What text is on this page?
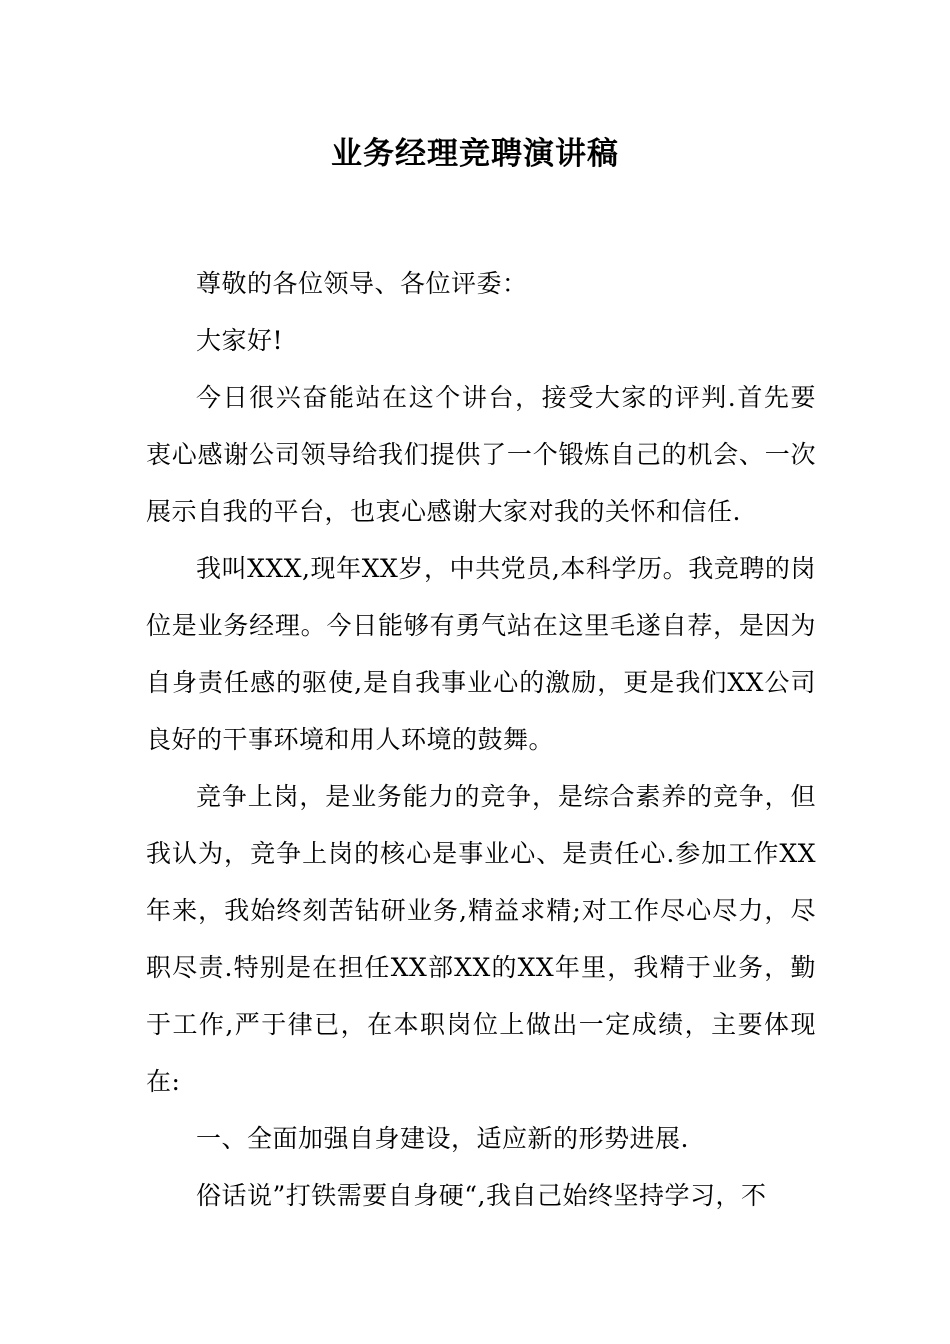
业务经理竞聘演讲稿

尊敬的各位领导、各位评委：

大家好!

今日很兴奋能站在这个讲台，接受大家的评判.首先要衷心感谢公司领导给我们提供了一个锻炼自己的机会、一次展示自我的平台，也衷心感谢大家对我的关怀和信任.

我叫XXX,现年XX岁，中共党员,本科学历。我竞聘的岗位是业务经理。今日能够有勇气站在这里毛遂自荐，是因为自身责任感的驱使,是自我事业心的激励，更是我们XX公司良好的干事环境和用人环境的鼓舞。

竞争上岗，是业务能力的竞争，是综合素养的竞争，但我认为，竞争上岗的核心是事业心、是责任心.参加工作XX年来，我始终刻苦钻研业务,精益求精;对工作尽心尽力，尽职尽责.特别是在担任XX部XX的XX年里，我精于业务，勤于工作,严于律已，在本职岗位上做出一定成绩，主要体现在:

一、全面加强自身建设，适应新的形势进展.

俗话说”打铁需要自身硬“,我自己始终坚持学习，不
